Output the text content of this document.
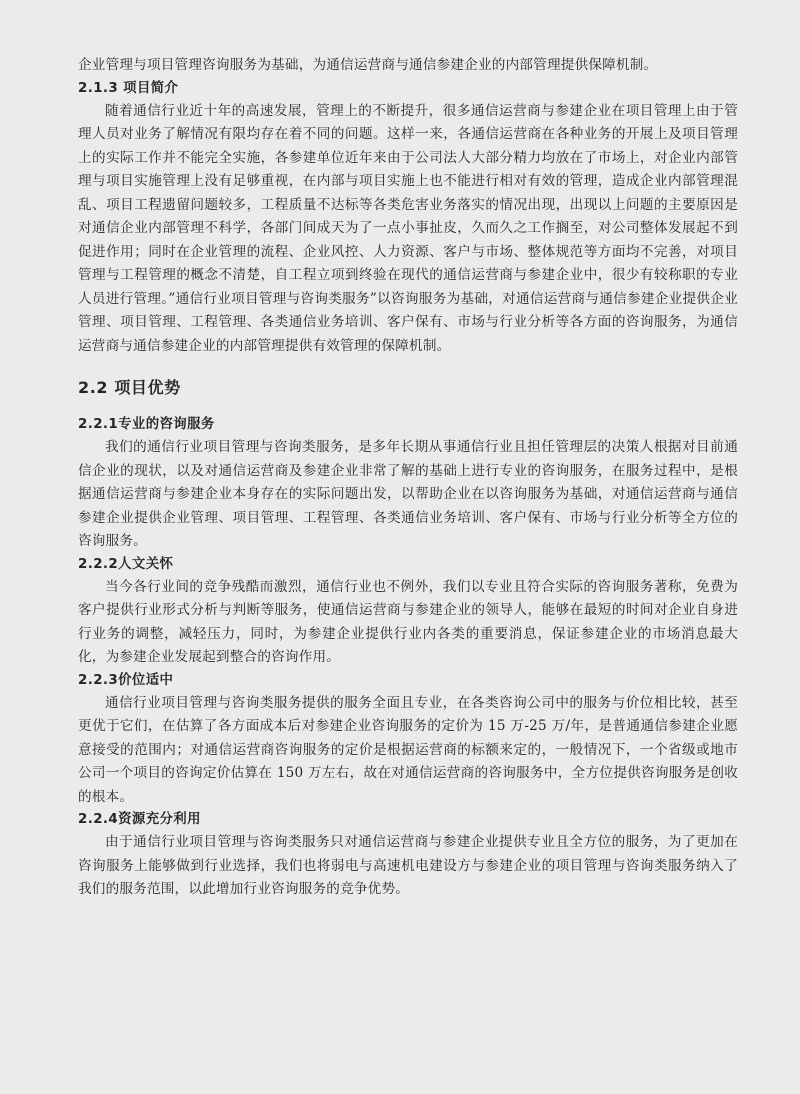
企业管理与项目管理咨询服务为基础，为通信运营商与通信参建企业的内部管理提供保障机制。

2.1.3 项目简介

随着通信行业近十年的高速发展，管理上的不断提升，很多通信运营商与参建企业在项目管理上由于管理人员对业务了解情况有限均存在着不同的问题。这样一来，各通信运营商在各种业务的开展上及项目管理上的实际工作并不能完全实施，各参建单位近年来由于公司法人大部分精力均放在了市场上，对企业内部管理与项目实施管理上没有足够重视，在内部与项目实施上也不能进行相对有效的管理，造成企业内部管理混乱、项目工程遗留问题较多，工程质量不达标等各类危害业务落实的情况出现，出现以上问题的主要原因是对通信企业内部管理不科学，各部门间成天为了一点小事扯皮，久而久之工作搁至，对公司整体发展起不到促进作用；同时在企业管理的流程、企业风控、人力资源、客户与市场、整体规范等方面均不完善，对项目管理与工程管理的概念不清楚，自工程立项到终验在现代的通信运营商与参建企业中，很少有较称职的专业人员进行管理。”通信行业项目管理与咨询类服务”以咨询服务为基础，对通信运营商与通信参建企业提供企业管理、项目管理、工程管理、各类通信业务培训、客户保有、市场与行业分析等各方面的咨询服务，为通信运营商与通信参建企业的内部管理提供有效管理的保障机制。

2.2 项目优势
2.2.1专业的咨询服务

我们的通信行业项目管理与咨询类服务，是多年长期从事通信行业且担任管理层的决策人根据对目前通信企业的现状，以及对通信运营商及参建企业非常了解的基础上进行专业的咨询服务，在服务过程中，是根据通信运营商与参建企业本身存在的实际问题出发，以帮助企业在以咨询服务为基础，对通信运营商与通信参建企业提供企业管理、项目管理、工程管理、各类通信业务培训、客户保有、市场与行业分析等全方位的咨询服务。

2.2.2人文关怀

当今各行业间的竞争残酷而激烈，通信行业也不例外，我们以专业且符合实际的咨询服务著称，免费为客户提供行业形式分析与判断等服务，使通信运营商与参建企业的领导人，能够在最短的时间对企业自身进行业务的调整，减轻压力，同时，为参建企业提供行业内各类的重要消息，保证参建企业的市场消息最大化，为参建企业发展起到整合的咨询作用。

2.2.3价位适中

通信行业项目管理与咨询类服务提供的服务全面且专业，在各类咨询公司中的服务与价位相比较，甚至更优于它们，在估算了各方面成本后对参建企业咨询服务的定价为 15 万-25 万/年，是普通通信参建企业愿意接受的范围内；对通信运营商咨询服务的定价是根据运营商的标额来定的，一般情况下，一个省级或地市公司一个项目的咨询定价估算在 150 万左右，故在对通信运营商的咨询服务中，全方位提供咨询服务是创收的根本。

2.2.4资源充分利用

由于通信行业项目管理与咨询类服务只对通信运营商与参建企业提供专业且全方位的服务，为了更加在咨询服务上能够做到行业选择，我们也将弱电与高速机电建设方与参建企业的项目管理与咨询类服务纳入了我们的服务范围，以此增加行业咨询服务的竞争优势。
